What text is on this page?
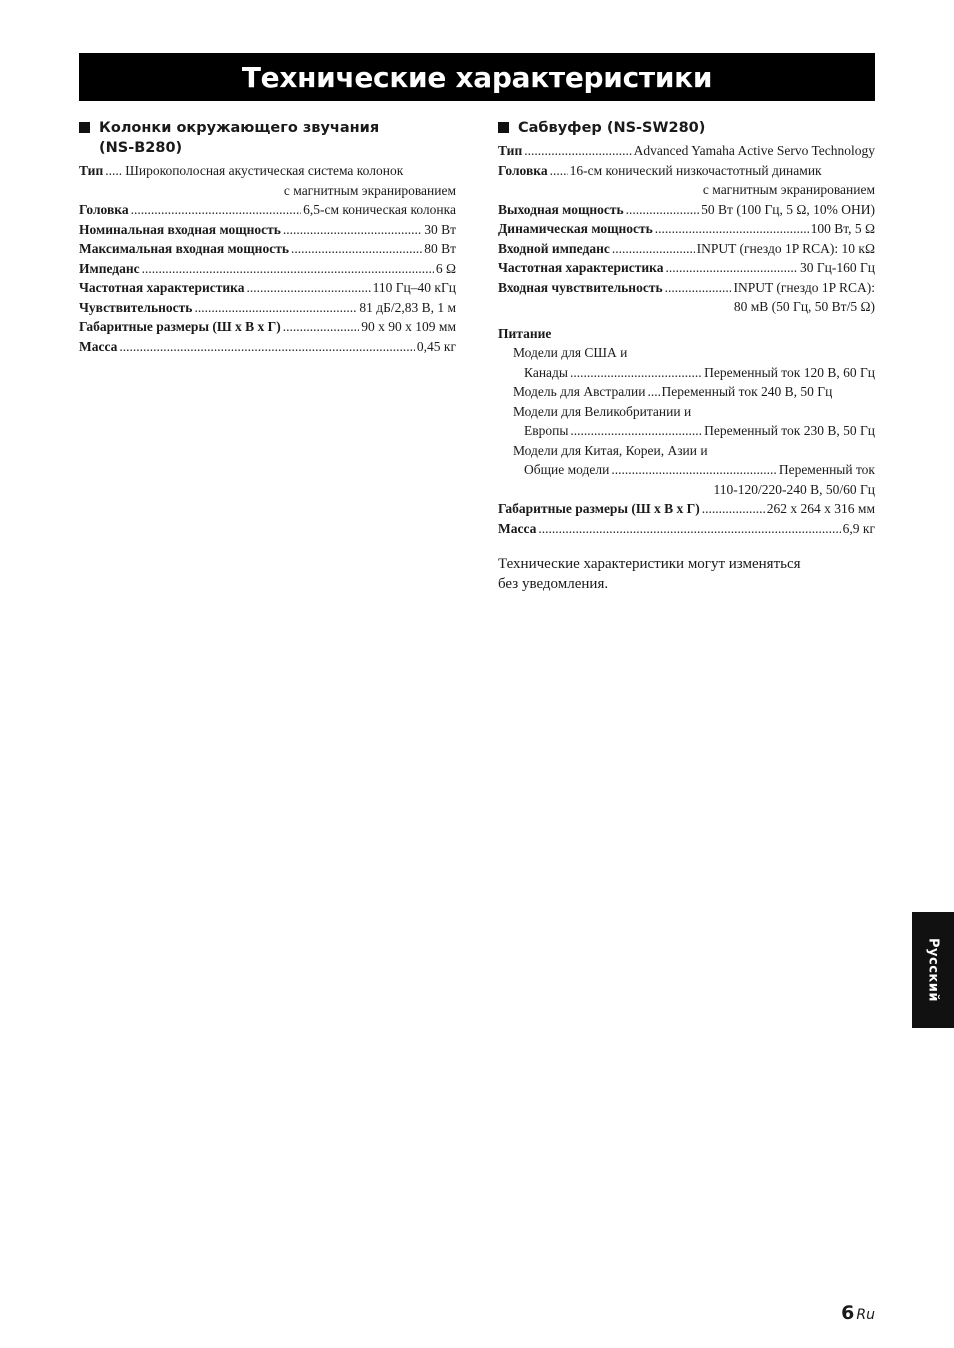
Технические характеристики
Колонки окружающего звучания
(NS-B280)
Тип ..... Широкополосная акустическая система колонок
с магнитным экранированием
Головка .....	6,5-см коническая колонка
Номинальная входная мощность .....	30 Вт
Максимальная входная мощность .....	80 Вт
Импеданс .....	6 Ω
Частотная характеристика .....	110 Гц–40 кГц
Чувствительность .....	81 дБ/2,83 В, 1 м
Габаритные размеры (Ш x В x Г) .....	90 x 90 x 109 мм
Масса .....	0,45 кг
Сабвуфер (NS-SW280)
Тип .....	Advanced Yamaha Active Servo Technology
Головка ..... 16-см конический низкочастотный динамик
с магнитным экранированием
Выходная мощность .....	50 Вт (100 Гц, 5 Ω, 10% ОНИ)
Динамическая мощность .....	100 Вт, 5 Ω
Входной импеданс .....	INPUT (гнездо 1P RCA): 10 кΩ
Частотная характеристика .....	30 Гц-160 Гц
Входная чувствительность .....	INPUT (гнездо 1P RCA):
80 мВ (50 Гц, 50 Вт/5 Ω)
Питание
Модели для США и
Канады .....	Переменный ток 120 В, 60 Гц
Модель для Австралии ..... Переменный ток 240 В, 50 Гц
Модели для Великобритании и
Европы .....	Переменный ток 230 В, 50 Гц
Модели для Китая, Кореи, Азии и
Общие модели .....	Переменный ток
110-120/220-240 В, 50/60 Гц
Габаритные размеры (Ш x В x Г) .....	262 x 264 x 316 мм
Масса .....	6,9 кг
Технические характеристики могут изменяться
без уведомления.
Русский
6 Ru
